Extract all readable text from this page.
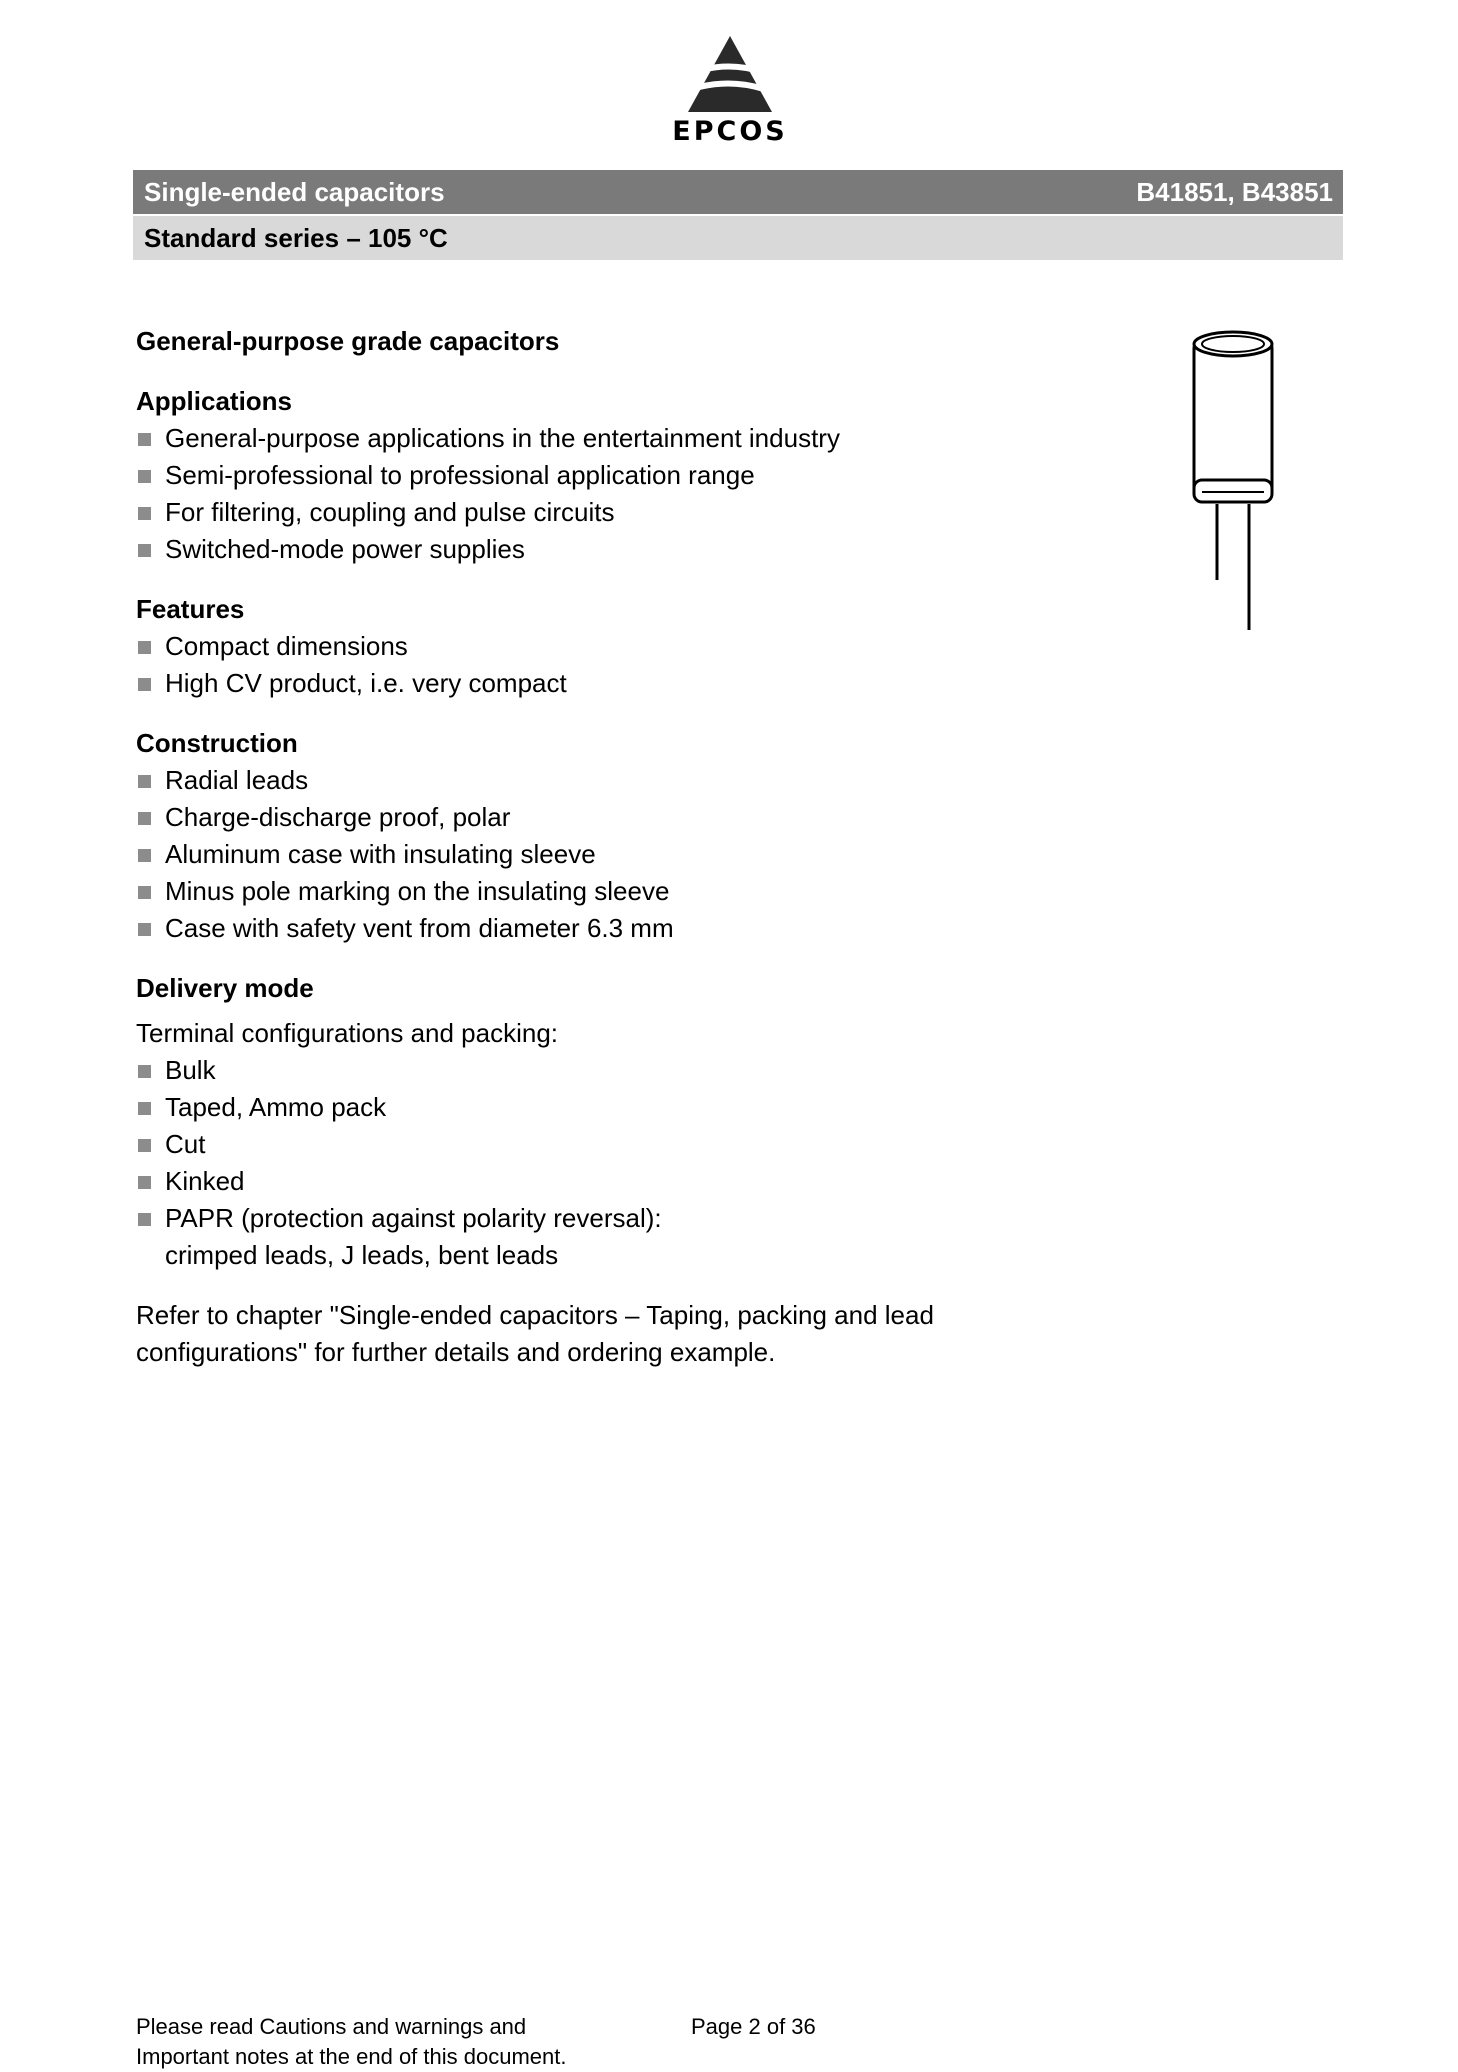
EPCOS
Single-ended capacitors	B41851, B43851
Standard series – 105 °C
General-purpose grade capacitors
Applications
General-purpose applications in the entertainment industry
Semi-professional to professional application range
For filtering, coupling and pulse circuits
Switched-mode power supplies
Features
Compact dimensions
High CV product, i.e. very compact
Construction
Radial leads
Charge-discharge proof, polar
Aluminum case with insulating sleeve
Minus pole marking on the insulating sleeve
Case with safety vent from diameter 6.3 mm
Delivery mode

Terminal configurations and packing:

Bulk
Taped, Ammo pack
Cut
Kinked
PAPR (protection against polarity reversal):
crimped leads, J leads, bent leads

Refer to chapter "Single-ended capacitors – Taping, packing and lead configurations" for further details and ordering example.

Please read Cautions and warnings and
Important notes at the end of this document.
Page 2 of 36
